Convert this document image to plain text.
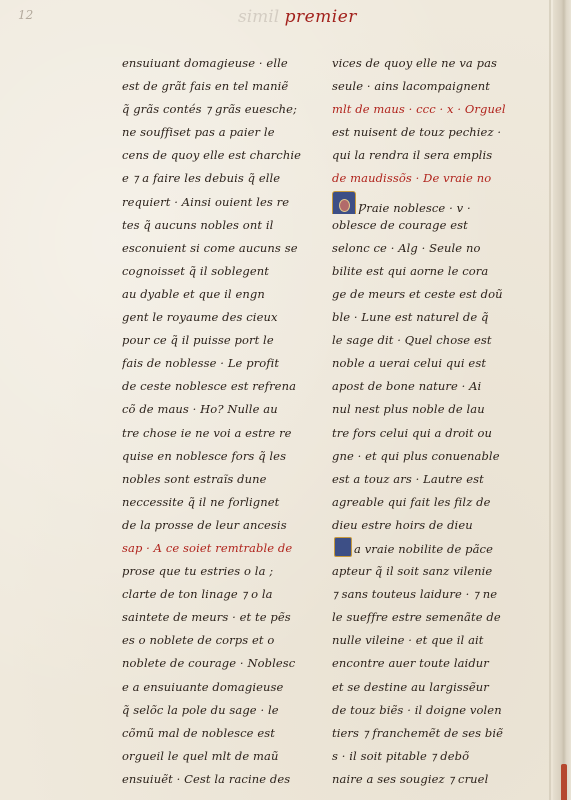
12	simil premier
ensuiuant domagieuse · elle
est de grãt fais en tel maniẽ
q̃ grãs contés ⁊ grãs euesche;
ne souffiset pas a paier le
cens de quoy elle est charchie
e ⁊ a faire les debuis q̃ elle
requiert · Ainsi ouient les re
tes q̃ aucuns nobles ont il
esconuient si come aucuns se
cognoisset q̃ il soblegent
au dyable et que il engn
gent le royaume des cieux
pour ce q̃ il puisse port le
fais de noblesse · Le profit
de ceste noblesce est refrena
cõ de maus · Ho? Nulle au
tre chose ie ne voi a estre re
quise en noblesce fors q̃ les
nobles sont estraĩs dune
neccessite q̃ il ne forlignet
de la prosse de leur ancesis
sap · A ce soiet remtrable de
prose que tu estries o la ;
clarte de ton linage ⁊ o la
saintete de meurs · et te pẽs
es o noblete de corps et o
noblete de courage · Noblesc
e a ensuiuante domagieuse
q̃ selõc la pole du sage · le
cõmũ mal de noblesce est
orgueil le quel mlt de maũ
ensuiuẽt · Cest la racine des
vices de quoy elle ne va pas
seule · ains lacompaignent
mlt de maus · ccc · x · Orguel
est nuisent de touz pechiez ·
qui la rendra il sera emplis
de maudissõs · De vraie no
Ƿraie noblesce · v ·
oblesce de courage est
selonc ce · Alg · Seule no
bilite est qui aorne le cora
ge de meurs et ceste est doũ
ble · Lune est naturel de q̃
le sage dit · Quel chose est
noble a uerai celui qui est
apost de bone nature · Ai
nul nest plus noble de lau
tre fors celui qui a droit ou
gne · et qui plus conuenable
est a touz ars · Lautre est
agreable qui fait les filz de
dieu estre hoirs de dieu
a vraie nobilite de pãce
apteur q̃ il soit sanz vilenie
⁊ sans touteus laidure · ⁊ ne
le sueffre estre semenãte de
nulle vileine · et que il ait
encontre auer toute laidur
et se destine au largissẽur
de touz biẽs · il doigne volen
tiers ⁊ franchemẽt de ses biẽ
s · il soit pitable ⁊ debõ
naire a ses sougiez ⁊ cruel
